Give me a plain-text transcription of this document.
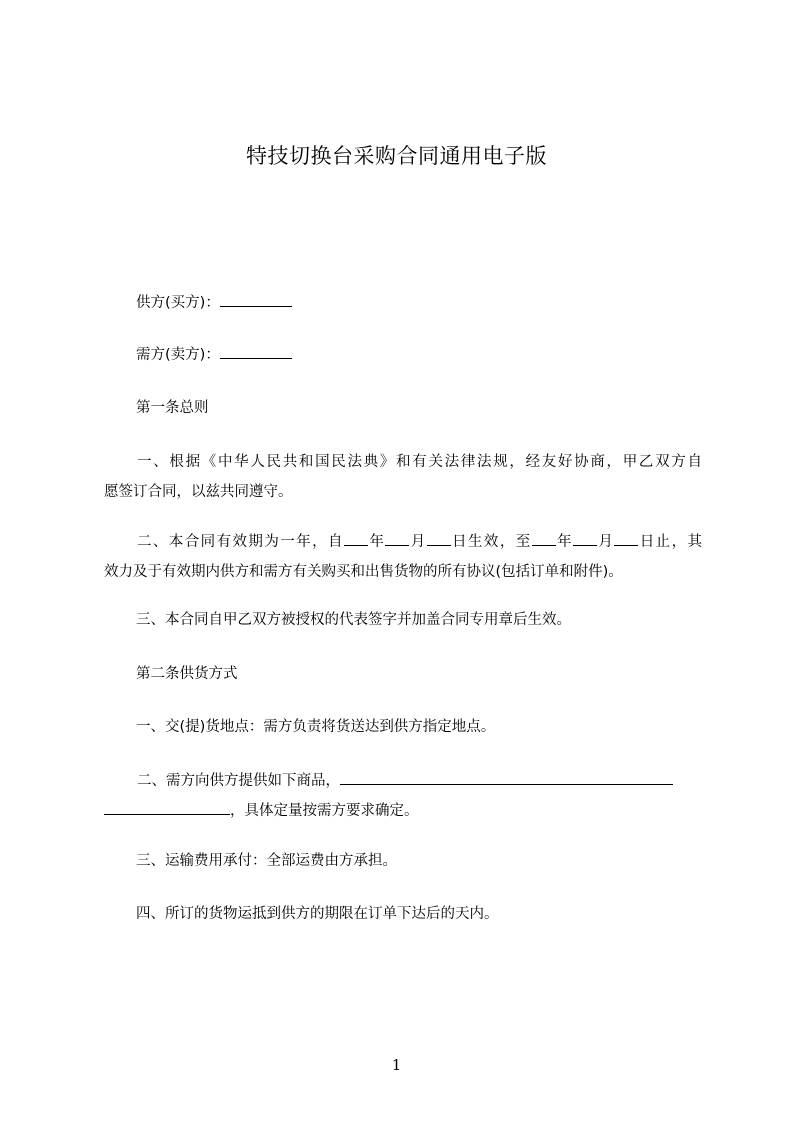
特技切换台采购合同通用电子版
供方(买方)：
需方(卖方)：
第一条总则
一、根据《中华人民共和国民法典》和有关法律法规，经友好协商，甲乙双方自
愿签订合同，以兹共同遵守。
二、本合同有效期为一年，自 年 月 日生效，至 年 月 日止，其
效力及于有效期内供方和需方有关购买和出售货物的所有协议(包括订单和附件)。
三、本合同自甲乙双方被授权的代表签字并加盖合同专用章后生效。
第二条供货方式
一、交(提)货地点：需方负责将货送达到供方指定地点。
二、需方向供方提供如下商品，
，具体定量按需方要求确定。
三、运输费用承付：全部运费由方承担。
四、所订的货物运抵到供方的期限在订单下达后的天内。
1
